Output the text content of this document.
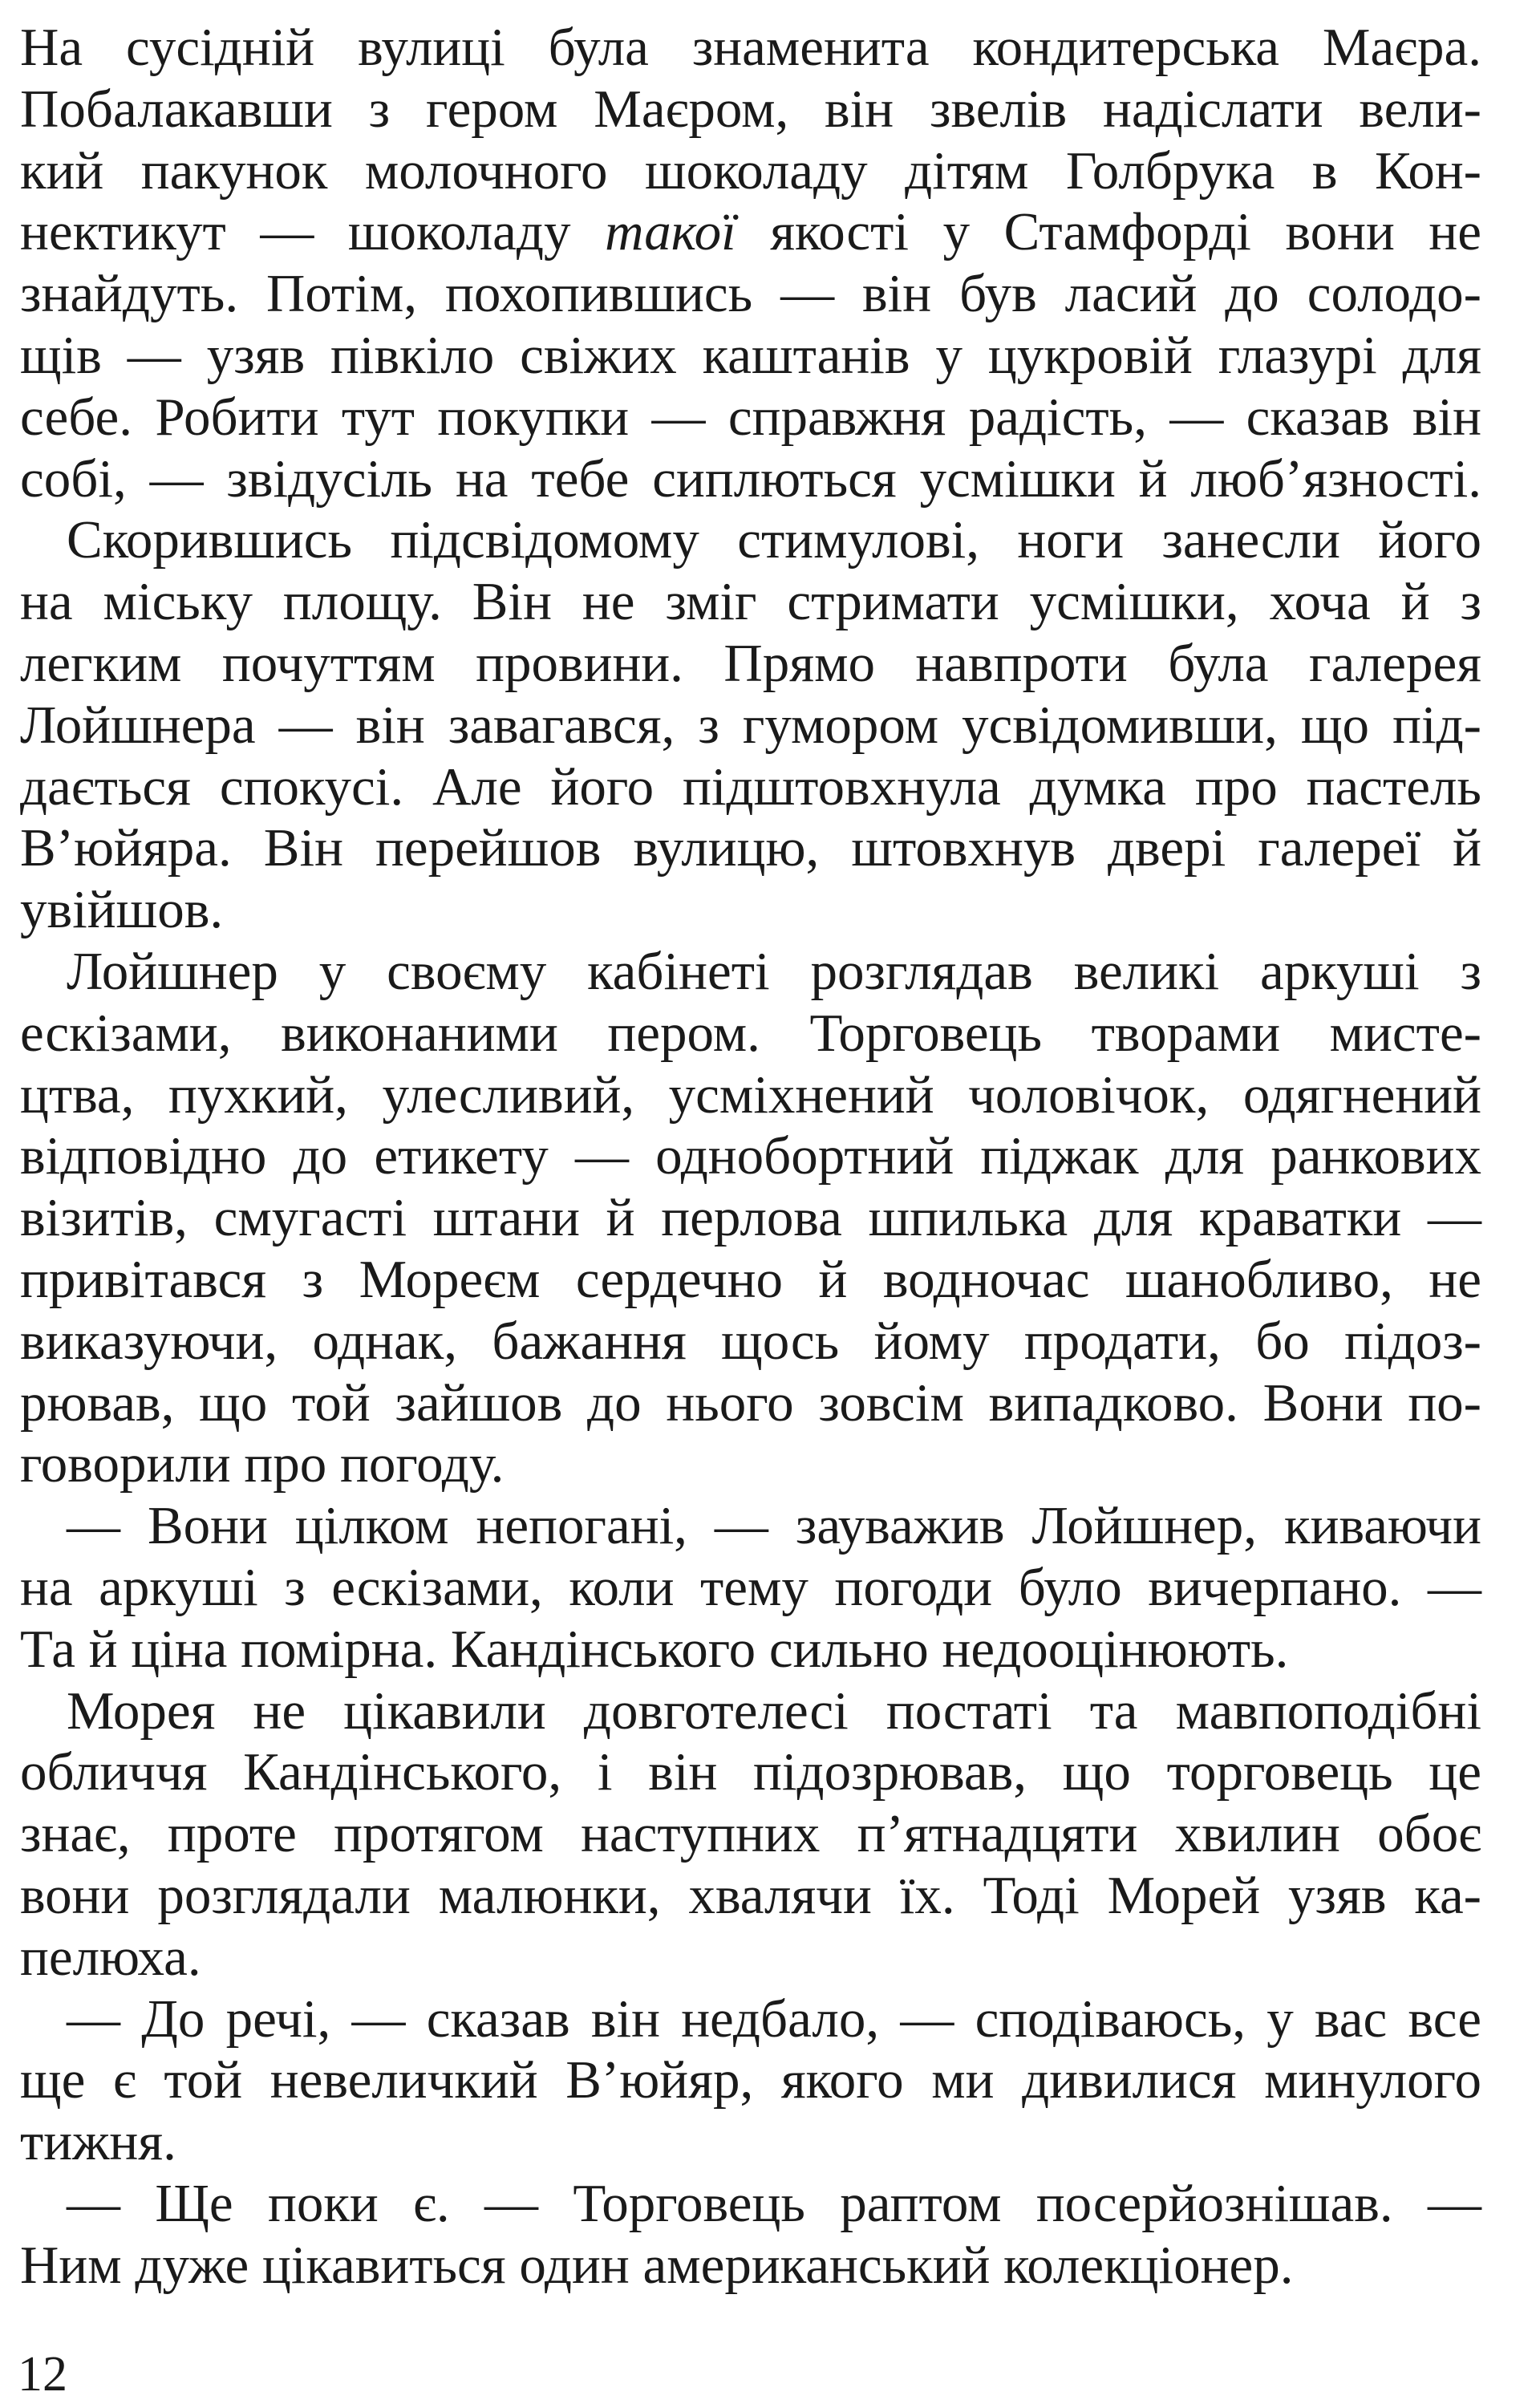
На сусідній вулиці була знаменита кондитерська Маєра.
Побалакавши з гером Маєром, він звелів надіслати вели-
кий пакунок молочного шоколаду дітям Голбрука в Кон-
нектикут — шоколаду такої якості у Стамфорді вони не
знайдуть. Потім, похопившись — він був ласий до солодо-
щів — узяв півкіло свіжих каштанів у цукровій глазурі для
себе. Робити тут покупки — справжня радість, — сказав він
собі, — звідусіль на тебе сиплються усмішки й люб’язності.
Скорившись підсвідомому стимулові, ноги занесли його
на міську площу. Він не зміг стримати усмішки, хоча й з
легким почуттям провини. Прямо навпроти була галерея
Лойшнера — він завагався, з гумором усвідомивши, що під-
дається спокусі. Але його підштовхнула думка про пастель
В’юйяра. Він перейшов вулицю, штовхнув двері галереї й
увійшов.
Лойшнер у своєму кабінеті розглядав великі аркуші з
ескізами, виконаними пером. Торговець творами мисте-
цтва, пухкий, улесливий, усміхнений чоловічок, одягнений
відповідно до етикету — однобортний піджак для ранкових
візитів, смугасті штани й перлова шпилька для краватки —
привітався з Мореєм сердечно й водночас шанобливо, не
виказуючи, однак, бажання щось йому продати, бо підоз-
рював, що той зайшов до нього зовсім випадково. Вони по-
говорили про погоду.
— Вони цілком непогані, — зауважив Лойшнер, киваючи
на аркуші з ескізами, коли тему погоди було вичерпано. —
Та й ціна помірна. Кандінського сильно недооцінюють.
Морея не цікавили довготелесі постаті та мавпоподібні
обличчя Кандінського, і він підозрював, що торговець це
знає, проте протягом наступних п’ятнадцяти хвилин обоє
вони розглядали малюнки, хвалячи їх. Тоді Морей узяв ка-
пелюха.
— До речі, — сказав він недбало, — сподіваюсь, у вас все
ще є той невеличкий В’юйяр, якого ми дивилися минулого
тижня.
— Ще поки є. — Торговець раптом посерйознішав. —
Ним дуже цікавиться один американський колекціонер.
12
